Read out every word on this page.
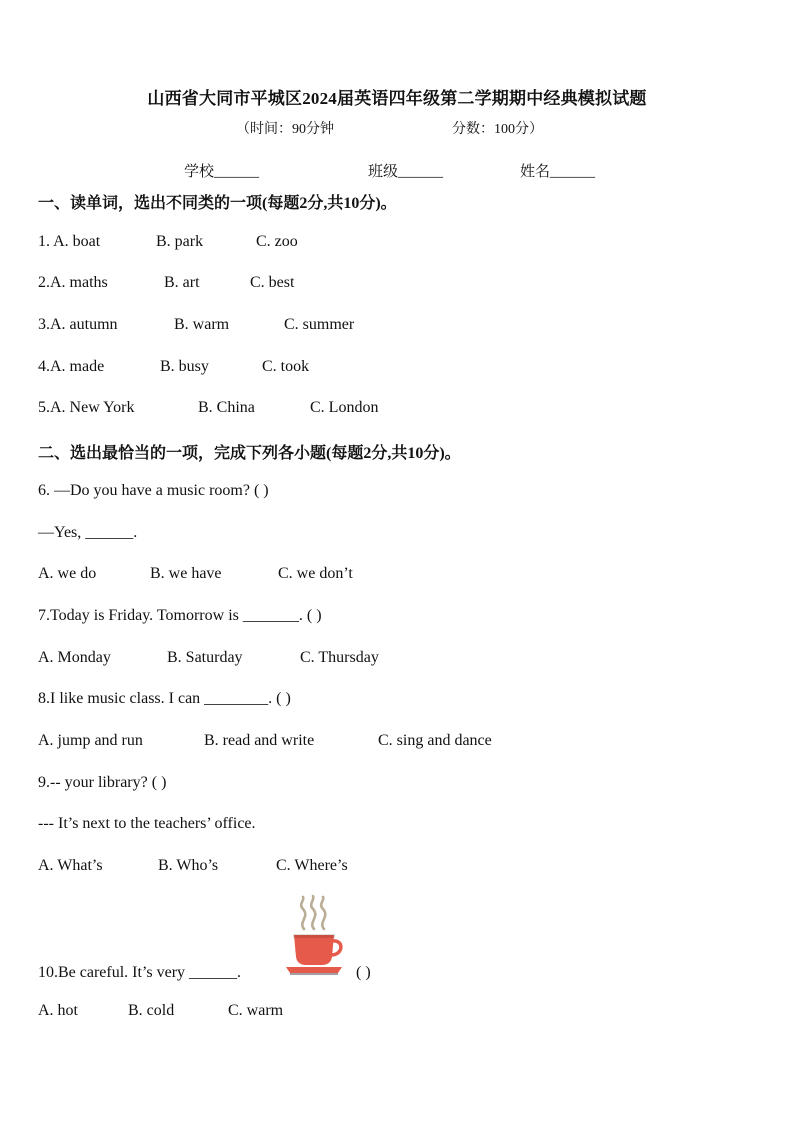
山西省大同市平城区2024届英语四年级第二学期期中经典模拟试题
（时间：90分钟	分数：100分）
学校______	班级______	姓名______
一、读单词，选出不同类的一项(每题2分,共10分)。
1. A. boat	B. park	C. zoo
2.A. maths	B. art	C. best
3.A. autumn	B. warm	C. summer
4.A. made	B. busy	C. took
5.A. New York	B. China	C. London
二、选出最恰当的一项，完成下列各小题(每题2分,共10分)。
6. —Do you have a music room? ( )
—Yes, ______.
A. we do	B. we have	C. we don’t
7.Today is Friday. Tomorrow is _______. ( )
A. Monday	B. Saturday	C. Thursday
8.I like music class. I can ________. ( )
A. jump and run	B. read and write	C. sing and dance
9.-- your library? ( )
--- It’s next to the teachers’ office.
A. What’s	B. Who’s	C. Where’s
10.Be careful. It’s very ______.	( )
A. hot	B. cold	C. warm
